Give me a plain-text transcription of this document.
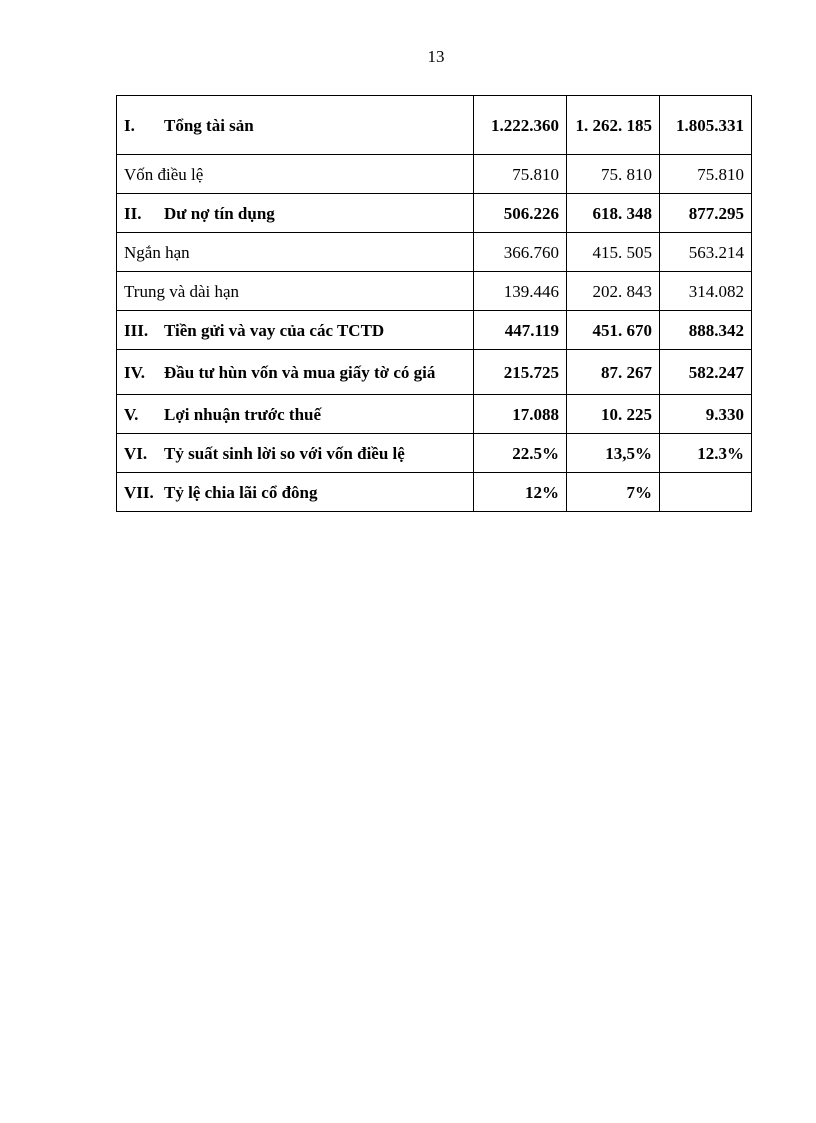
13
I. Tổng tài sản	1.222.360	1. 262. 185	1.805.331
Vốn điều lệ	75.810	75. 810	75.810

II. Dư nợ tín dụng	506.226	618. 348	877.295
Ngắn hạn	366.760	415. 505	563.214
Trung và dài hạn	139.446	202. 843	314.082

III. Tiền gửi và vay của các TCTD	447.119	451. 670	888.342

IV. Đầu tư hùn vốn và mua giấy tờ có giá	215.725	87. 267	582.247

V. Lợi nhuận trước thuế	17.088	10. 225	9.330

VI. Tỷ suất sinh lời so với vốn điều lệ	22.5%	13,5%	12.3%

VII. Tỷ lệ chia lãi cổ đông	12%	7%	
